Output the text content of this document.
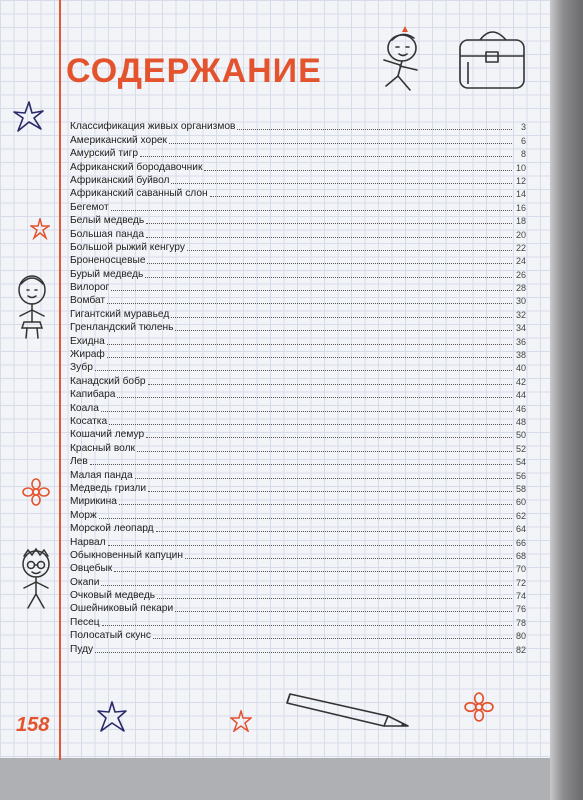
СОДЕРЖАНИЕ
Классификация живых организмов	3
Американский хорек	6
Амурский тигр	8
Африканский бородавочник	10
Африканский буйвол	12
Африканский саванный слон	14
Бегемот	16
Белый медведь	18
Большая панда	20
Большой рыжий кенгуру	22
Броненосцевые	24
Бурый медведь	26
Вилорог	28
Вомбат	30
Гигантский муравьед	32
Гренландский тюлень	34
Ехидна	36
Жираф	38
Зубр	40
Канадский бобр	42
Капибара	44
Коала	46
Косатка	48
Кошачий лемур	50
Красный волк	52
Лев	54
Малая панда	56
Медведь гризли	58
Мирикина	60
Морж	62
Морской леопард	64
Нарвал	66
Обыкновенный капуцин	68
Овцебык	70
Окапи	72
Очковый медведь	74
Ошейниковый пекари	76
Песец	78
Полосатый скунс	80
Пуду	82
158
